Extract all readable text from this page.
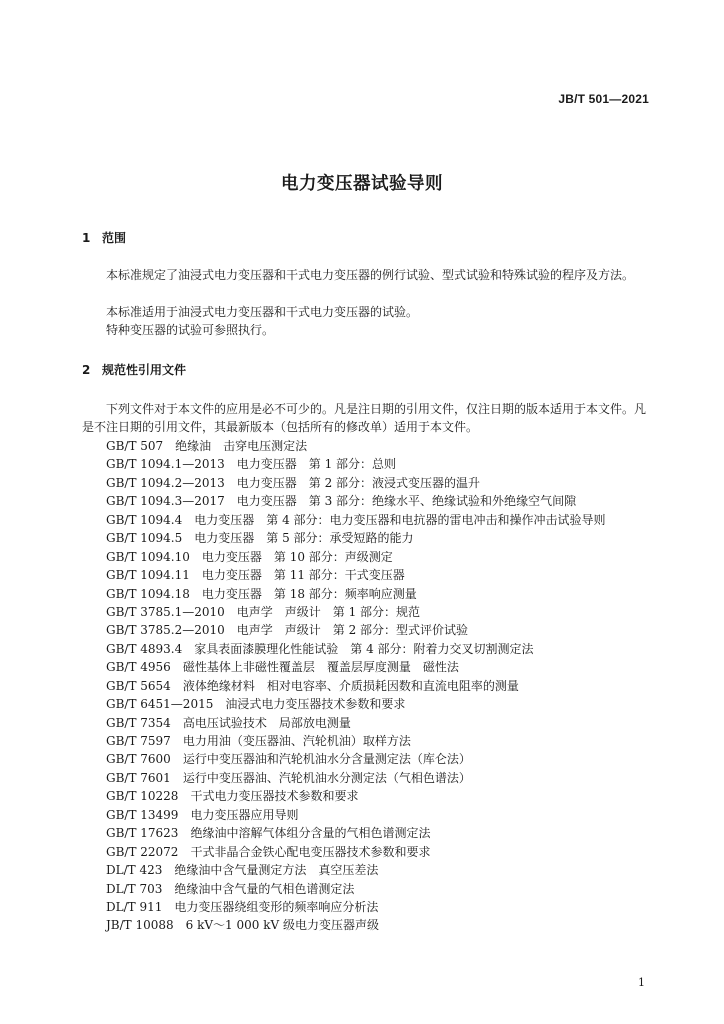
JB/T 501—2021
电力变压器试验导则
1 范围

本标准规定了油浸式电力变压器和干式电力变压器的例行试验、型式试验和特殊试验的程序及方法。

本标准适用于油浸式电力变压器和干式电力变压器的试验。

特种变压器的试验可参照执行。

2 规范性引用文件

下列文件对于本文件的应用是必不可少的。凡是注日期的引用文件，仅注日期的版本适用于本文件。凡是不注日期的引用文件，其最新版本（包括所有的修改单）适用于本文件。

GB/T 507 绝缘油　击穿电压测定法
GB/T 1094.1—2013 电力变压器　第 1 部分：总则
GB/T 1094.2—2013 电力变压器　第 2 部分：液浸式变压器的温升
GB/T 1094.3—2017 电力变压器　第 3 部分：绝缘水平、绝缘试验和外绝缘空气间隙
GB/T 1094.4 电力变压器　第 4 部分：电力变压器和电抗器的雷电冲击和操作冲击试验导则
GB/T 1094.5 电力变压器　第 5 部分：承受短路的能力
GB/T 1094.10 电力变压器　第 10 部分：声级测定
GB/T 1094.11 电力变压器　第 11 部分：干式变压器
GB/T 1094.18 电力变压器　第 18 部分：频率响应测量
GB/T 3785.1—2010 电声学　声级计　第 1 部分：规范
GB/T 3785.2—2010 电声学　声级计　第 2 部分：型式评价试验
GB/T 4893.4 家具表面漆膜理化性能试验　第 4 部分：附着力交叉切割测定法
GB/T 4956 磁性基体上非磁性覆盖层　覆盖层厚度测量　磁性法
GB/T 5654 液体绝缘材料　相对电容率、介质损耗因数和直流电阻率的测量
GB/T 6451—2015 油浸式电力变压器技术参数和要求
GB/T 7354 高电压试验技术　局部放电测量
GB/T 7597 电力用油（变压器油、汽轮机油）取样方法
GB/T 7600 运行中变压器油和汽轮机油水分含量测定法（库仑法）
GB/T 7601 运行中变压器油、汽轮机油水分测定法（气相色谱法）
GB/T 10228 干式电力变压器技术参数和要求
GB/T 13499 电力变压器应用导则
GB/T 17623 绝缘油中溶解气体组分含量的气相色谱测定法
GB/T 22072 干式非晶合金铁心配电变压器技术参数和要求
DL/T 423 绝缘油中含气量测定方法　真空压差法
DL/T 703 绝缘油中含气量的气相色谱测定法
DL/T 911 电力变压器绕组变形的频率响应分析法
JB/T 10088 6 kV～1 000 kV 级电力变压器声级
1
